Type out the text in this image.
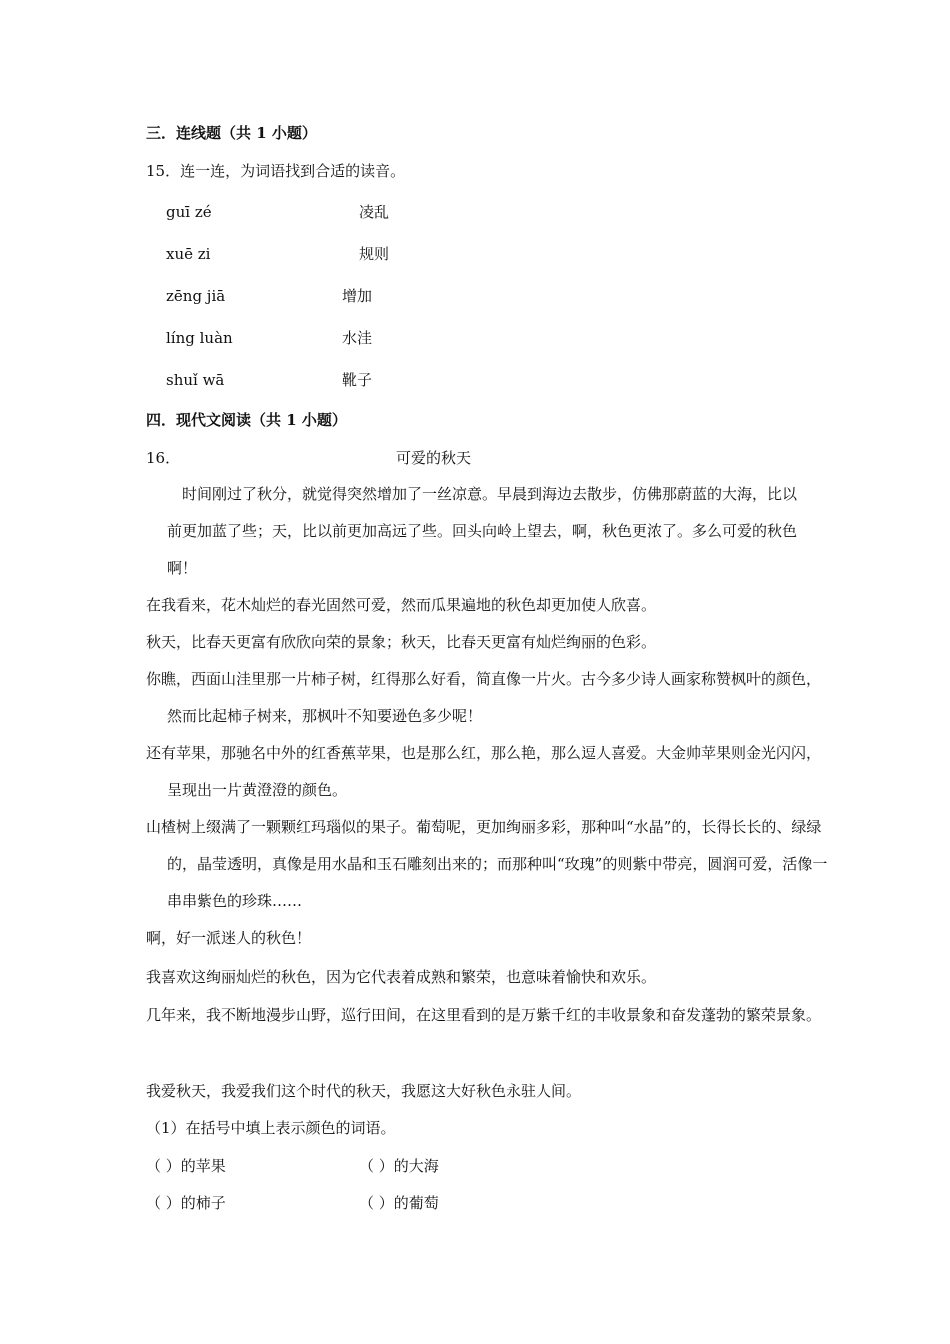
三．连线题（共 1 小题）
15．连一连，为词语找到合适的读音。
guī zé
xuē zi
zēng jiā
líng luàn
shuǐ wā
凌乱
规则
增加
水洼
靴子
四．现代文阅读（共 1 小题）
16．	可爱的秋天

时间刚过了秋分，就觉得突然增加了一丝凉意。早晨到海边去散步，仿佛那蔚蓝的大海，比以前更加蓝了些；天，比以前更加高远了些。回头向岭上望去，啊，秋色更浓了。多么可爱的秋色啊！

在我看来，花木灿烂的春光固然可爱，然而瓜果遍地的秋色却更加使人欣喜。

秋天，比春天更富有欣欣向荣的景象；秋天，比春天更富有灿烂绚丽的色彩。

你瞧，西面山洼里那一片柿子树，红得那么好看，简直像一片火。古今多少诗人画家称赞枫叶的颜色，然而比起柿子树来，那枫叶不知要逊色多少呢！

还有苹果，那驰名中外的红香蕉苹果，也是那么红，那么艳，那么逗人喜爱。大金帅苹果则金光闪闪，呈现出一片黄澄澄的颜色。

山楂树上缀满了一颗颗红玛瑙似的果子。葡萄呢，更加绚丽多彩，那种叫“水晶”的，长得长长的、绿绿的，晶莹透明，真像是用水晶和玉石雕刻出来的；而那种叫“玫瑰”的则紫中带亮，圆润可爱，活像一串串紫色的珍珠……

啊，好一派迷人的秋色！

我喜欢这绚丽灿烂的秋色，因为它代表着成熟和繁荣，也意味着愉快和欢乐。

几年来，我不断地漫步山野，巡行田间，在这里看到的是万紫千红的丰收景象和奋发蓬勃的繁荣景象。

我爱秋天，我爱我们这个时代的秋天，我愿这大好秋色永驻人间。

（1）在括号中填上表示颜色的词语。
（ ）的苹果	（ ）的大海
（ ）的柿子	（ ）的葡萄
